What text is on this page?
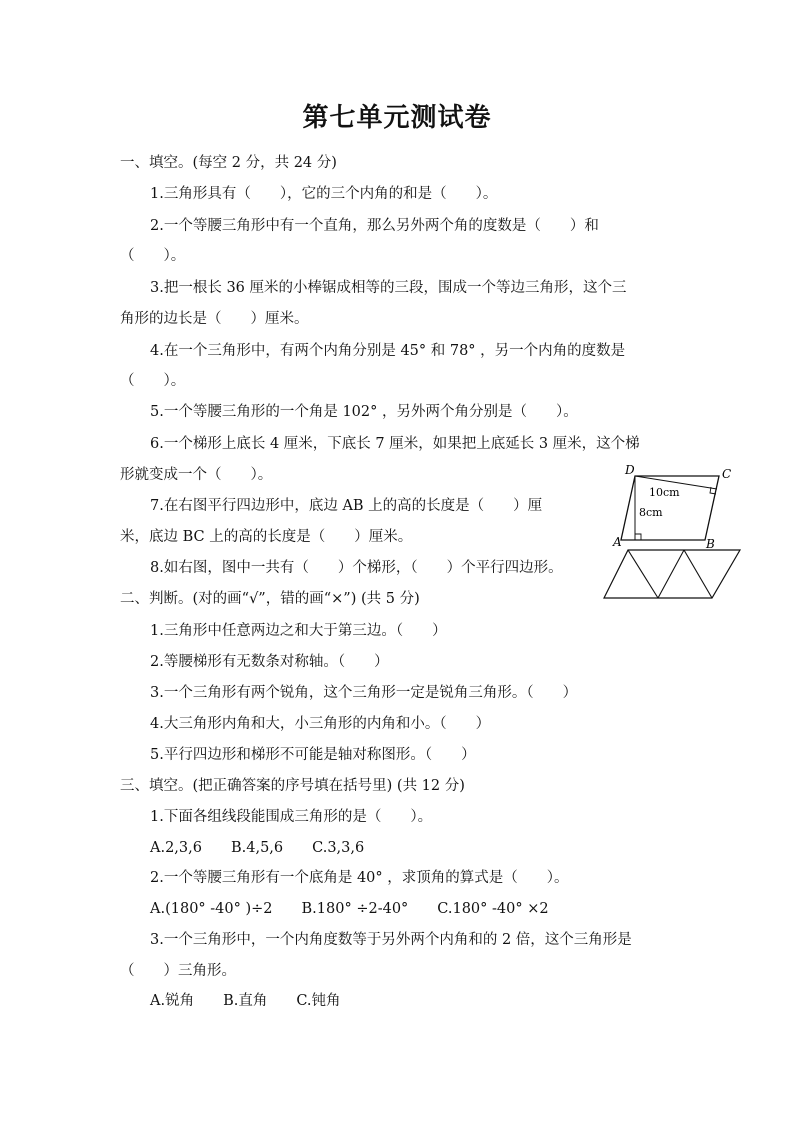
第七单元测试卷
一、填空。(每空 2 分，共 24 分)
1.三角形具有（　　），它的三个内角的和是（　　）。
2.一个等腰三角形中有一个直角，那么另外两个角的度数是（　　）和
（　　）。
3.把一根长 36 厘米的小棒锯成相等的三段，围成一个等边三角形，这个三
角形的边长是（　　）厘米。
4.在一个三角形中，有两个内角分别是 45° 和 78° ，另一个内角的度数是
（　　）。
5.一个等腰三角形的一个角是 102° ，另外两个角分别是（　　）。
6.一个梯形上底长 4 厘米，下底长 7 厘米，如果把上底延长 3 厘米，这个梯
形就变成一个（　　）。
7.在右图平行四边形中，底边 AB 上的高的长度是（　　）厘
米，底边 BC 上的高的长度是（　　）厘米。
8.如右图，图中一共有（　　）个梯形，（　　）个平行四边形。
D	C
A	B
10cm
8cm
二、判断。(对的画“√”，错的画“×”) (共 5 分)
1.三角形中任意两边之和大于第三边。（　　）
2.等腰梯形有无数条对称轴。（　　）
3.一个三角形有两个锐角，这个三角形一定是锐角三角形。（　　）
4.大三角形内角和大，小三角形的内角和小。（　　）
5.平行四边形和梯形不可能是轴对称图形。（　　）
三、填空。(把正确答案的序号填在括号里) (共 12 分)
1.下面各组线段能围成三角形的是（　　）。
A.2,3,6　　B.4,5,6　　C.3,3,6
2.一个等腰三角形有一个底角是 40° ，求顶角的算式是（　　）。
A.(180° -40° )÷2　　B.180° ÷2-40°　　C.180° -40° ×2
3.一个三角形中，一个内角度数等于另外两个内角和的 2 倍，这个三角形是
（　　）三角形。
A.锐角　　B.直角　　C.钝角
